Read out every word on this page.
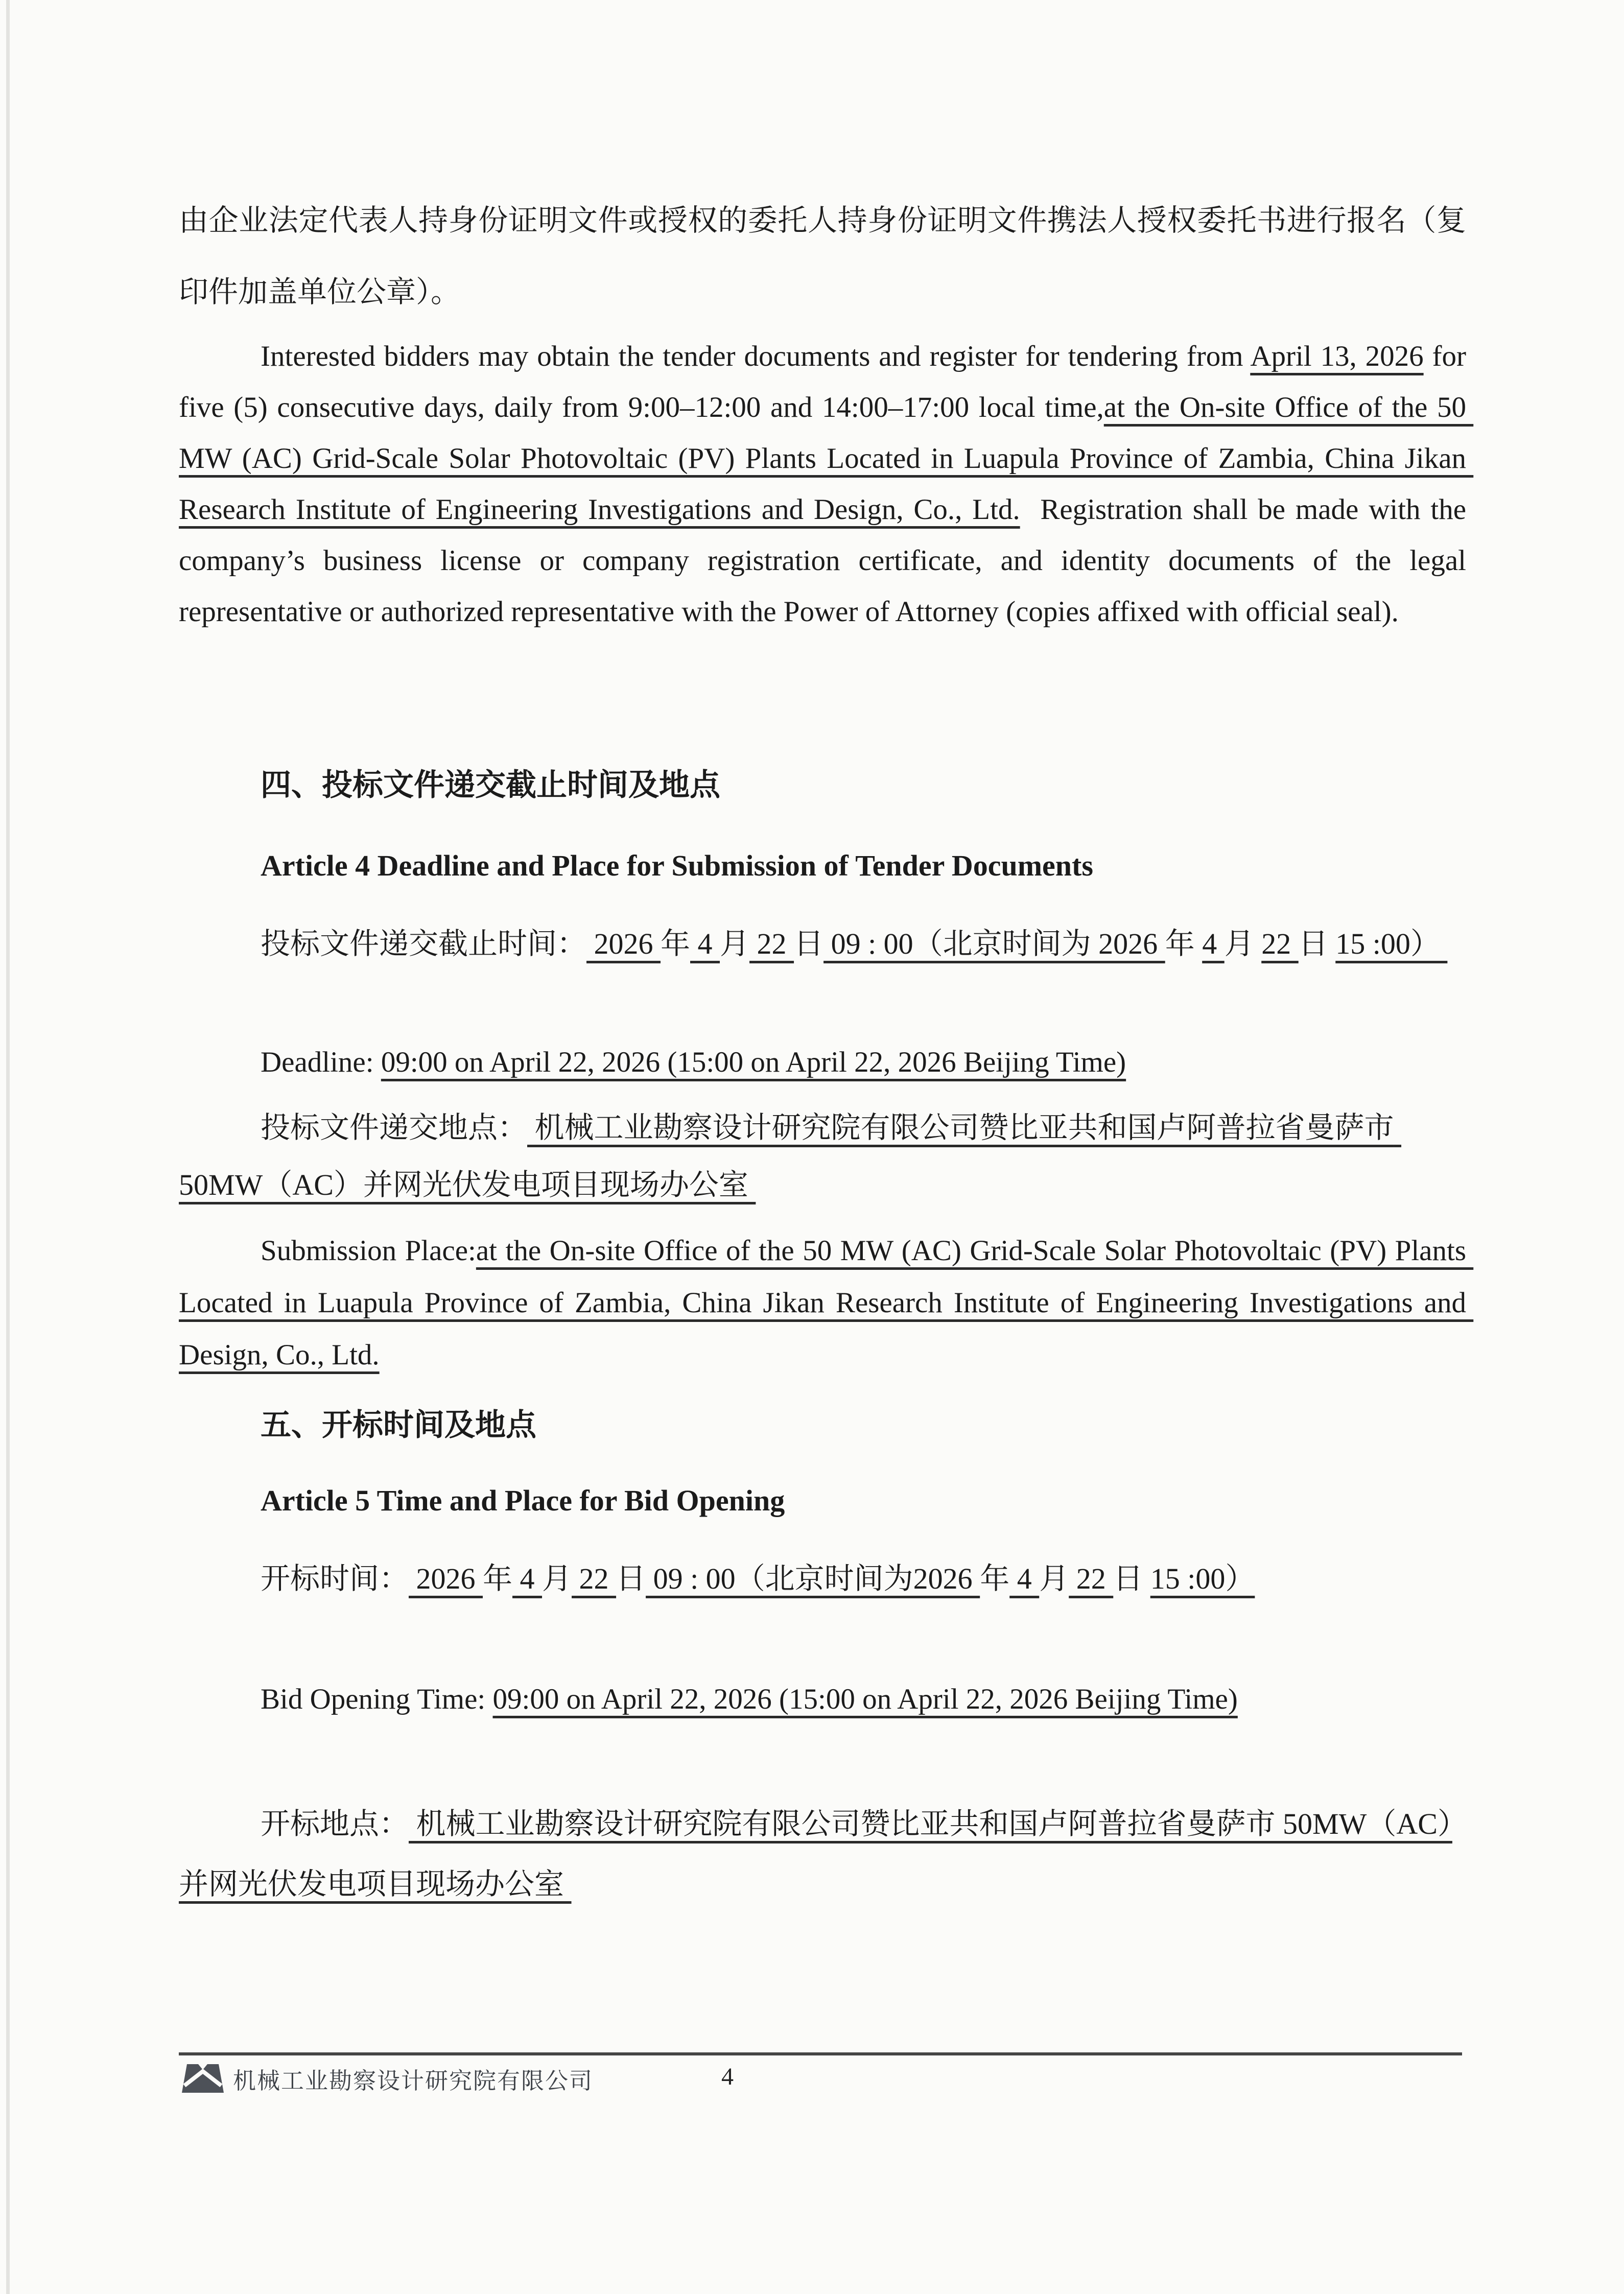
由企业法定代表人持身份证明文件或授权的委托人持身份证明文件携法人授权委托书进行报名（复印件加盖单位公章）。

Interested bidders may obtain the tender documents and register for tendering from April 13, 2026 for five (5) consecutive days, daily from 9:00–12:00 and 14:00–17:00 local time,at the On-site Office of the 50 MW (AC) Grid-Scale Solar Photovoltaic (PV) Plants Located in Luapula Province of Zambia, China Jikan Research Institute of Engineering Investigations and Design, Co., Ltd.  Registration shall be made with the company’s business license or company registration certificate, and identity documents of the legal representative or authorized representative with the Power of Attorney (copies affixed with official seal).

四、投标文件递交截止时间及地点
Article 4 Deadline and Place for Submission of Tender Documents

投标文件递交截止时间： 2026 年 4 月 22 日 09 : 00（北京时间为 2026 年 4 月 22 日 15 :00）

Deadline: 09:00 on April 22, 2026 (15:00 on April 22, 2026 Beijing Time)

投标文件递交地点： 机械工业勘察设计研究院有限公司赞比亚共和国卢阿普拉省曼萨市 50MW（AC）并网光伏发电项目现场办公室

Submission Place:at the On-site Office of the 50 MW (AC) Grid-Scale Solar Photovoltaic (PV) Plants Located in Luapula Province of Zambia, China Jikan Research Institute of Engineering Investigations and Design, Co., Ltd.

五、开标时间及地点
Article 5 Time and Place for Bid Opening

开标时间： 2026 年 4 月 22 日 09 : 00（北京时间为2026 年 4 月 22 日 15 :00）

Bid Opening Time: 09:00 on April 22, 2026 (15:00 on April 22, 2026 Beijing Time)

开标地点： 机械工业勘察设计研究院有限公司赞比亚共和国卢阿普拉省曼萨市 50MW（AC）并网光伏发电项目现场办公室

机械工业勘察设计研究院有限公司	4
